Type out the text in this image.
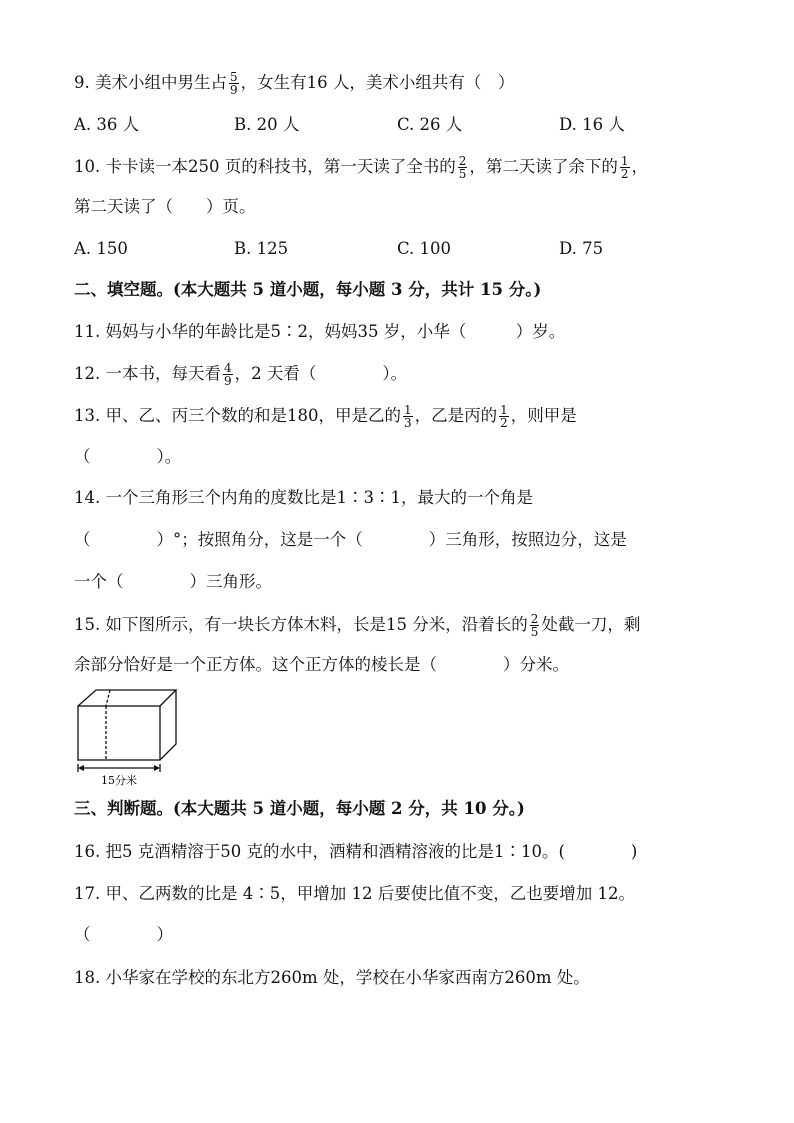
9. 美术小组中男生占 $\frac{5}{9}$ ，女生有16 人，美术小组共有（　）
A. 36 人	B. 20 人	C. 26 人	D. 16 人
10. 卡卡读一本250 页的科技书，第一天读了全书的 $\frac{2}{5}$ ，第二天读了余下的 $\frac{1}{2}$ ，
第二天读了（　　）页。
A. 150	B. 125	C. 100	D. 75
二、填空题。(本大题共 5 道小题，每小题 3 分，共计 15 分。)
11. 妈妈与小华的年龄比是5∶2，妈妈35 岁，小华（　　　）岁。
12. 一本书，每天看 $\frac{4}{9}$ ，2 天看（　　　　）。
13. 甲、乙、丙三个数的和是180，甲是乙的 $\frac{1}{3}$ ，乙是丙的 $\frac{1}{2}$ ，则甲是
（　　　　）。
14. 一个三角形三个内角的度数比是1∶3∶1，最大的一个角是
（　　　　）°；按照角分，这是一个（　　　　）三角形，按照边分，这是
一个（　　　　）三角形。
15. 如下图所示，有一块长方体木料，长是15 分米，沿着长的 $\frac{2}{5}$ 处截一刀，剩
余部分恰好是一个正方体。这个正方体的棱长是（　　　　）分米。
15分米
三、判断题。(本大题共 5 道小题，每小题 2 分，共 10 分。)
16. 把5 克酒精溶于50 克的水中，酒精和酒精溶液的比是1∶10。(　　　　)
17. 甲、乙两数的比是 4∶5，甲增加 12 后要使比值不变，乙也要增加 12。
（　　　　）
18. 小华家在学校的东北方260m 处，学校在小华家西南方260m 处。
